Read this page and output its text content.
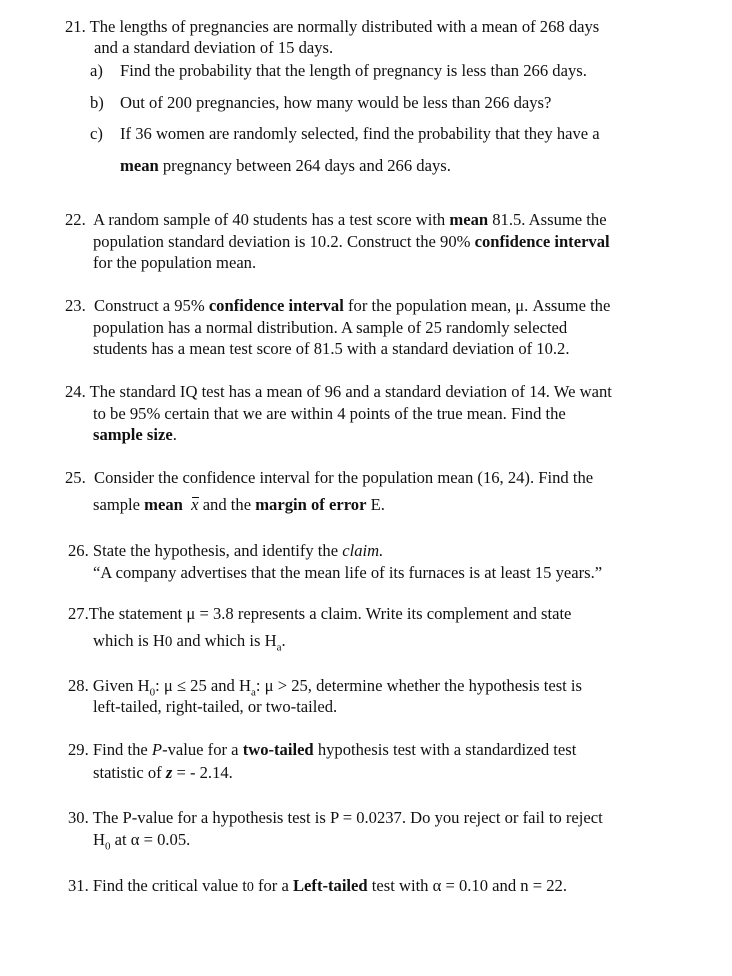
21. The lengths of pregnancies are normally distributed with a mean of 268 days
and a standard deviation of 15 days.
a) Find the probability that the length of pregnancy is less than 266 days.
b) Out of 200 pregnancies, how many would be less than 266 days?
c) If 36 women are randomly selected, find the probability that they have a
mean pregnancy between 264 days and 266 days.
22. A random sample of 40 students has a test score with mean 81.5. Assume the
population standard deviation is 10.2. Construct the 90% confidence interval
for the population mean.
23. Construct a 95% confidence interval for the population mean, μ. Assume the
population has a normal distribution. A sample of 25 randomly selected
students has a mean test score of 81.5 with a standard deviation of 10.2.
24. The standard IQ test has a mean of 96 and a standard deviation of 14. We want
to be 95% certain that we are within 4 points of the true mean. Find the
sample size.
25. Consider the confidence interval for the population mean (16, 24). Find the
sample mean x and the margin of error E.
26. State the hypothesis, and identify the claim.
“A company advertises that the mean life of its furnaces is at least 15 years.”
27.The statement μ = 3.8 represents a claim. Write its complement and state
which is H0 and which is $H_a$.
28. Given $H_0$: μ ≤ 25 and $H_a$: μ > 25, determine whether the hypothesis test is
left-tailed, right-tailed, or two-tailed.
29. Find the P-value for a two-tailed hypothesis test with a standardized test
statistic of z = - 2.14.
30. The P-value for a hypothesis test is P = 0.0237. Do you reject or fail to reject
$H_0$ at α = 0.05.
31. Find the critical value t0 for a Left-tailed test with α = 0.10 and n = 22.
